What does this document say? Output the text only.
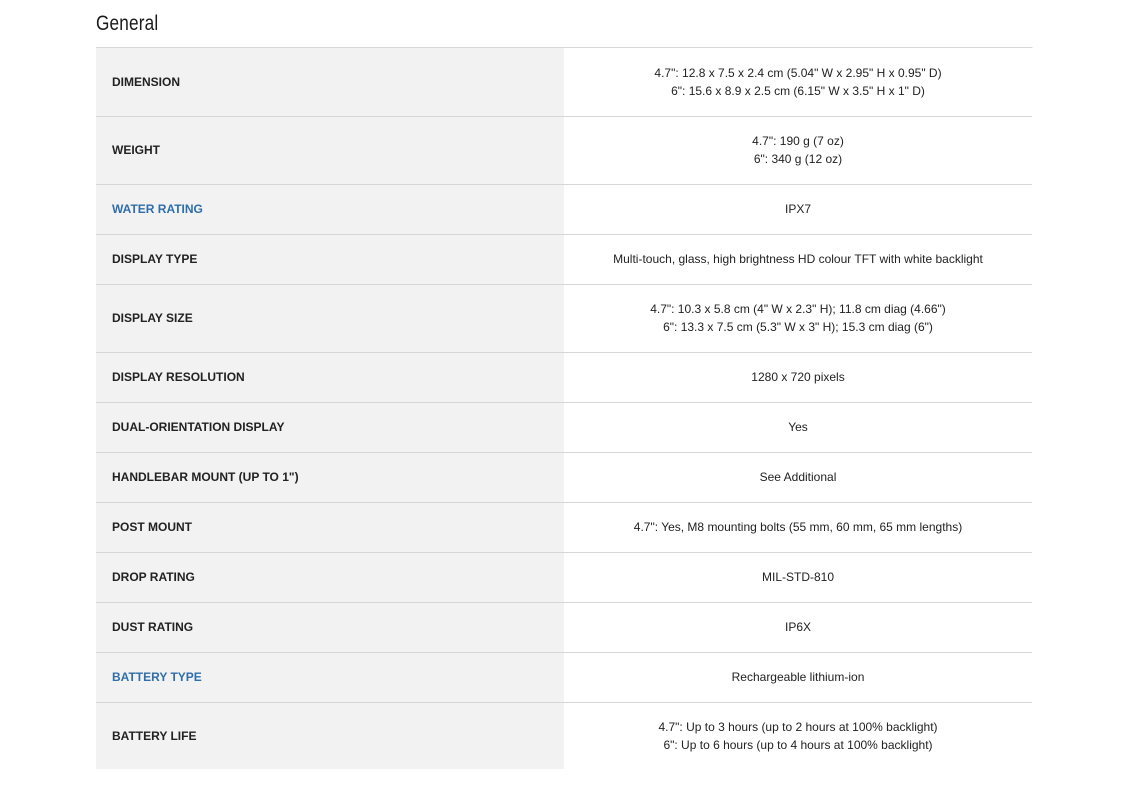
General
DIMENSION	4.7": 12.8 x 7.5 x 2.4 cm (5.04" W x 2.95" H x 0.95" D)
6": 15.6 x 8.9 x 2.5 cm (6.15" W x 3.5" H x 1" D)

WEIGHT	4.7": 190 g (7 oz)
6": 340 g (12 oz)

WATER RATING	IPX7

DISPLAY TYPE	Multi-touch, glass, high brightness HD colour TFT with white backlight

DISPLAY SIZE	4.7": 10.3 x 5.8 cm (4" W x 2.3" H); 11.8 cm diag (4.66")
6": 13.3 x 7.5 cm (5.3" W x 3" H); 15.3 cm diag (6")

DISPLAY RESOLUTION	1280 x 720 pixels

DUAL-ORIENTATION DISPLAY	Yes

HANDLEBAR MOUNT (UP TO 1")	See Additional

POST MOUNT	4.7": Yes, M8 mounting bolts (55 mm, 60 mm, 65 mm lengths)

DROP RATING	MIL-STD-810

DUST RATING	IP6X

BATTERY TYPE	Rechargeable lithium-ion

BATTERY LIFE	4.7": Up to 3 hours (up to 2 hours at 100% backlight)
6": Up to 6 hours (up to 4 hours at 100% backlight)
